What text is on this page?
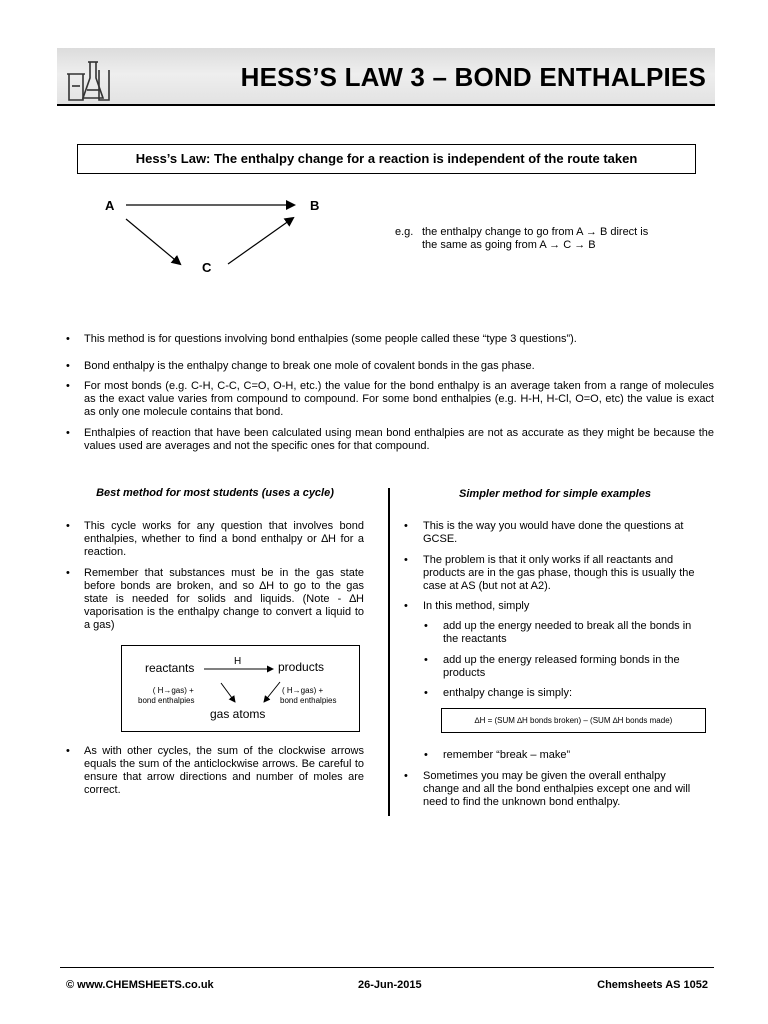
HESS’S LAW 3 – BOND ENTHALPIES
Hess’s Law: The enthalpy change for a reaction is independent of the route taken
A	B
C
e.g. the enthalpy change to go from A → B direct is
the same as going from A → C → B
• This method is for questions involving bond enthalpies (some people called these “type 3 questions”).
• Bond enthalpy is the enthalpy change to break one mole of covalent bonds in the gas phase.
• For most bonds (e.g. C-H, C-C, C=O, O-H, etc.) the value for the bond enthalpy is an average taken from a range of molecules as the exact value varies from compound to compound. For some bond enthalpies (e.g. H-H, H-Cl, O=O, etc) the value is exact as only one molecule contains that bond.
• Enthalpies of reaction that have been calculated using mean bond enthalpies are not as accurate as they might be because the values used are averages and not the specific ones for that compound.
Best method for most students (uses a cycle)	Simpler method for simple examples
• This cycle works for any question that involves bond enthalpies, whether to find a bond enthalpy or ∆H for a reaction.
• Remember that substances must be in the gas state before bonds are broken, and so ∆H to go to the gas state is needed for solids and liquids. (Note - ∆H vaporisation is the enthalpy change to convert a liquid to a gas)
reactants	products
H
gas atoms
( H→gas) +
bond enthalpies
( H→gas) +
bond enthalpies
• As with other cycles, the sum of the clockwise arrows equals the sum of the anticlockwise arrows. Be careful to ensure that arrow directions and number of moles are correct.
• This is the way you would have done the questions at GCSE.
• The problem is that it only works if all reactants and products are in the gas phase, though this is usually the case at AS (but not at A2).
• In this method, simply
• add up the energy needed to break all the bonds in the reactants
• add up the energy released forming bonds in the products
• enthalpy change is simply:
∆H = (SUM ∆H bonds broken) – (SUM ∆H bonds made)
• remember “break – make”
• Sometimes you may be given the overall enthalpy change and all the bond enthalpies except one and will need to find the unknown bond enthalpy.
© www.CHEMSHEETS.co.uk	26-Jun-2015	Chemsheets AS 1052
